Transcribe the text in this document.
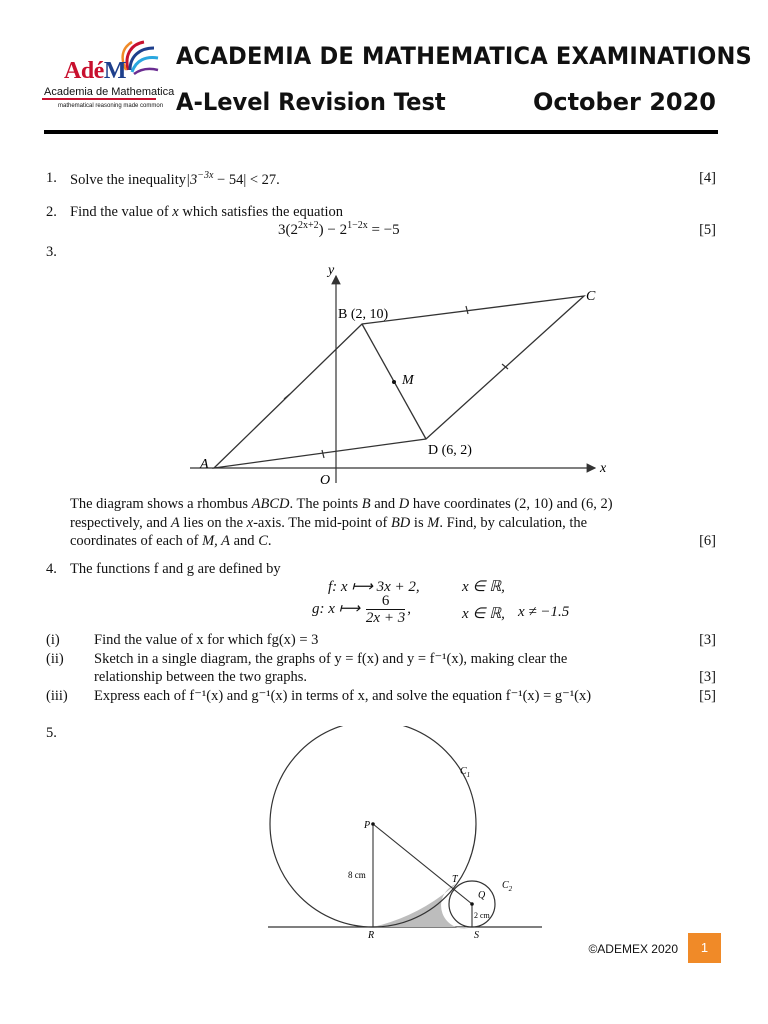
AdéM
Academia de Mathematica
mathematical reasoning made common
ACADEMIA DE MATHEMATICA EXAMINATIONS
A-Level Revision Test	October 2020
1. Solve the $inequality|3^{-3x} - 54| < 27$.	[4]
2. Find the value of x which satisfies the equation
$3(2^{2x+2}) - 2^{1-2x} = -5$	[5]
3.
y
x
O
A
B (2, 10)
C
D (6, 2)
M
The diagram shows a rhombus ABCD. The points B and D have coordinates (2, 10) and (6, 2)
respectively, and A lies on the x-axis. The mid-point of BD is M. Find, by calculation, the
coordinates of each of M, A and C.	[6]
4. The functions f and g are defined by
f: x ⟼ 3x + 2,	x ∈ ℝ,
g: x ⟼ $\frac{6}{2x + 3}$ ,	x ∈ ℝ, x ≠ −1.5
(i) Find the value of x for which fg(x) = 3	[3]
(ii) Sketch in a single diagram, the graphs of y = f(x) and y = f⁻¹(x), making clear the
relationship between the two graphs.	[3]
(iii) Express each of f⁻¹(x) and g⁻¹(x) in terms of x, and solve the equation f⁻¹(x) = g⁻¹(x)	[5]
5.
$C_1$
$C_2$
P
Q
T
R	S
8 cm
2 cm
©ADEMEX 2020	1
